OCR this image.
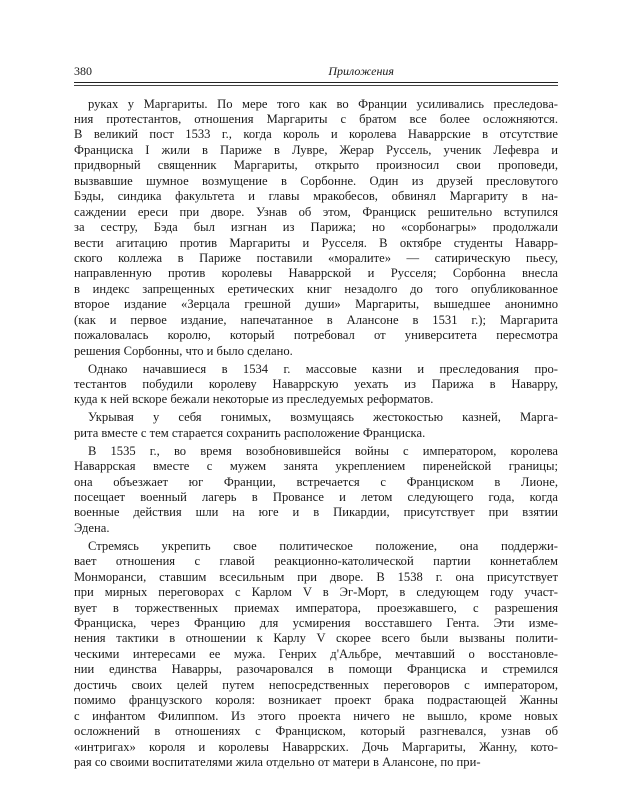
380	Приложения
руках у Маргариты. По мере того как во Франции усиливались преследова-
ния протестантов, отношения Маргариты с братом все более осложняются.
В великий пост 1533 г., когда король и королева Наваррские в отсутствие
Франциска I жили в Париже в Лувре, Жерар Руссель, ученик Лефевра и
придворный священник Маргариты, открыто произносил свои проповеди,
вызвавшие шумное возмущение в Сорбонне. Один из друзей пресловутого
Бэды, синдика факультета и главы мракобесов, обвинял Маргариту в на-
саждении ереси при дворе. Узнав об этом, Франциск решительно вступился
за сестру, Бэда был изгнан из Парижа; но «сорбонагры» продолжали
вести агитацию против Маргариты и Русселя. В октябре студенты Наварр-
ского коллежа в Париже поставили «моралите» — сатирическую пьесу,
направленную против королевы Наваррской и Русселя; Сорбонна внесла
в индекс запрещенных еретических книг незадолго до того опубликованное
второе издание «Зерцала грешной души» Маргариты, вышедшее анонимно
(как и первое издание, напечатанное в Алансоне в 1531 г.); Маргарита
пожаловалась королю, который потребовал от университета пересмотра
решения Сорбонны, что и было сделано.
Однако начавшиеся в 1534 г. массовые казни и преследования про-
тестантов побудили королеву Наваррскую уехать из Парижа в Наварру,
куда к ней вскоре бежали некоторые из преследуемых реформатов.
Укрывая у себя гонимых, возмущаясь жестокостью казней, Марга-
рита вместе с тем старается сохранить расположение Франциска.
В 1535 г., во время возобновившейся войны с императором, королева
Наваррская вместе с мужем занята укреплением пиренейской границы;
она объезжает юг Франции, встречается с Франциском в Лионе,
посещает военный лагерь в Провансе и летом следующего года, когда
военные действия шли на юге и в Пикардии, присутствует при взятии
Эдена.
Стремясь укрепить свое политическое положение, она поддержи-
вает отношения с главой реакционно-католической партии коннетаблем
Монморанси, ставшим всесильным при дворе. В 1538 г. она присутствует
при мирных переговорах с Карлом V в Эг-Морт, в следующем году участ-
вует в торжественных приемах императора, проезжавшего, с разрешения
Франциска, через Францию для усмирения восставшего Гента. Эти изме-
нения тактики в отношении к Карлу V скорее всего были вызваны полити-
ческими интересами ее мужа. Генрих д'Альбре, мечтавший о восстановле-
нии единства Наварры, разочаровался в помощи Франциска и стремился
достичь своих целей путем непосредственных переговоров с императором,
помимо французского короля: возникает проект брака подрастающей Жанны
с инфантом Филиппом. Из этого проекта ничего не вышло, кроме новых
осложнений в отношениях с Франциском, который разгневался, узнав об
«интригах» короля и королевы Наваррских. Дочь Маргариты, Жанну, кото-
рая со своими воспитателями жила отдельно от матери в Алансоне, по при-
